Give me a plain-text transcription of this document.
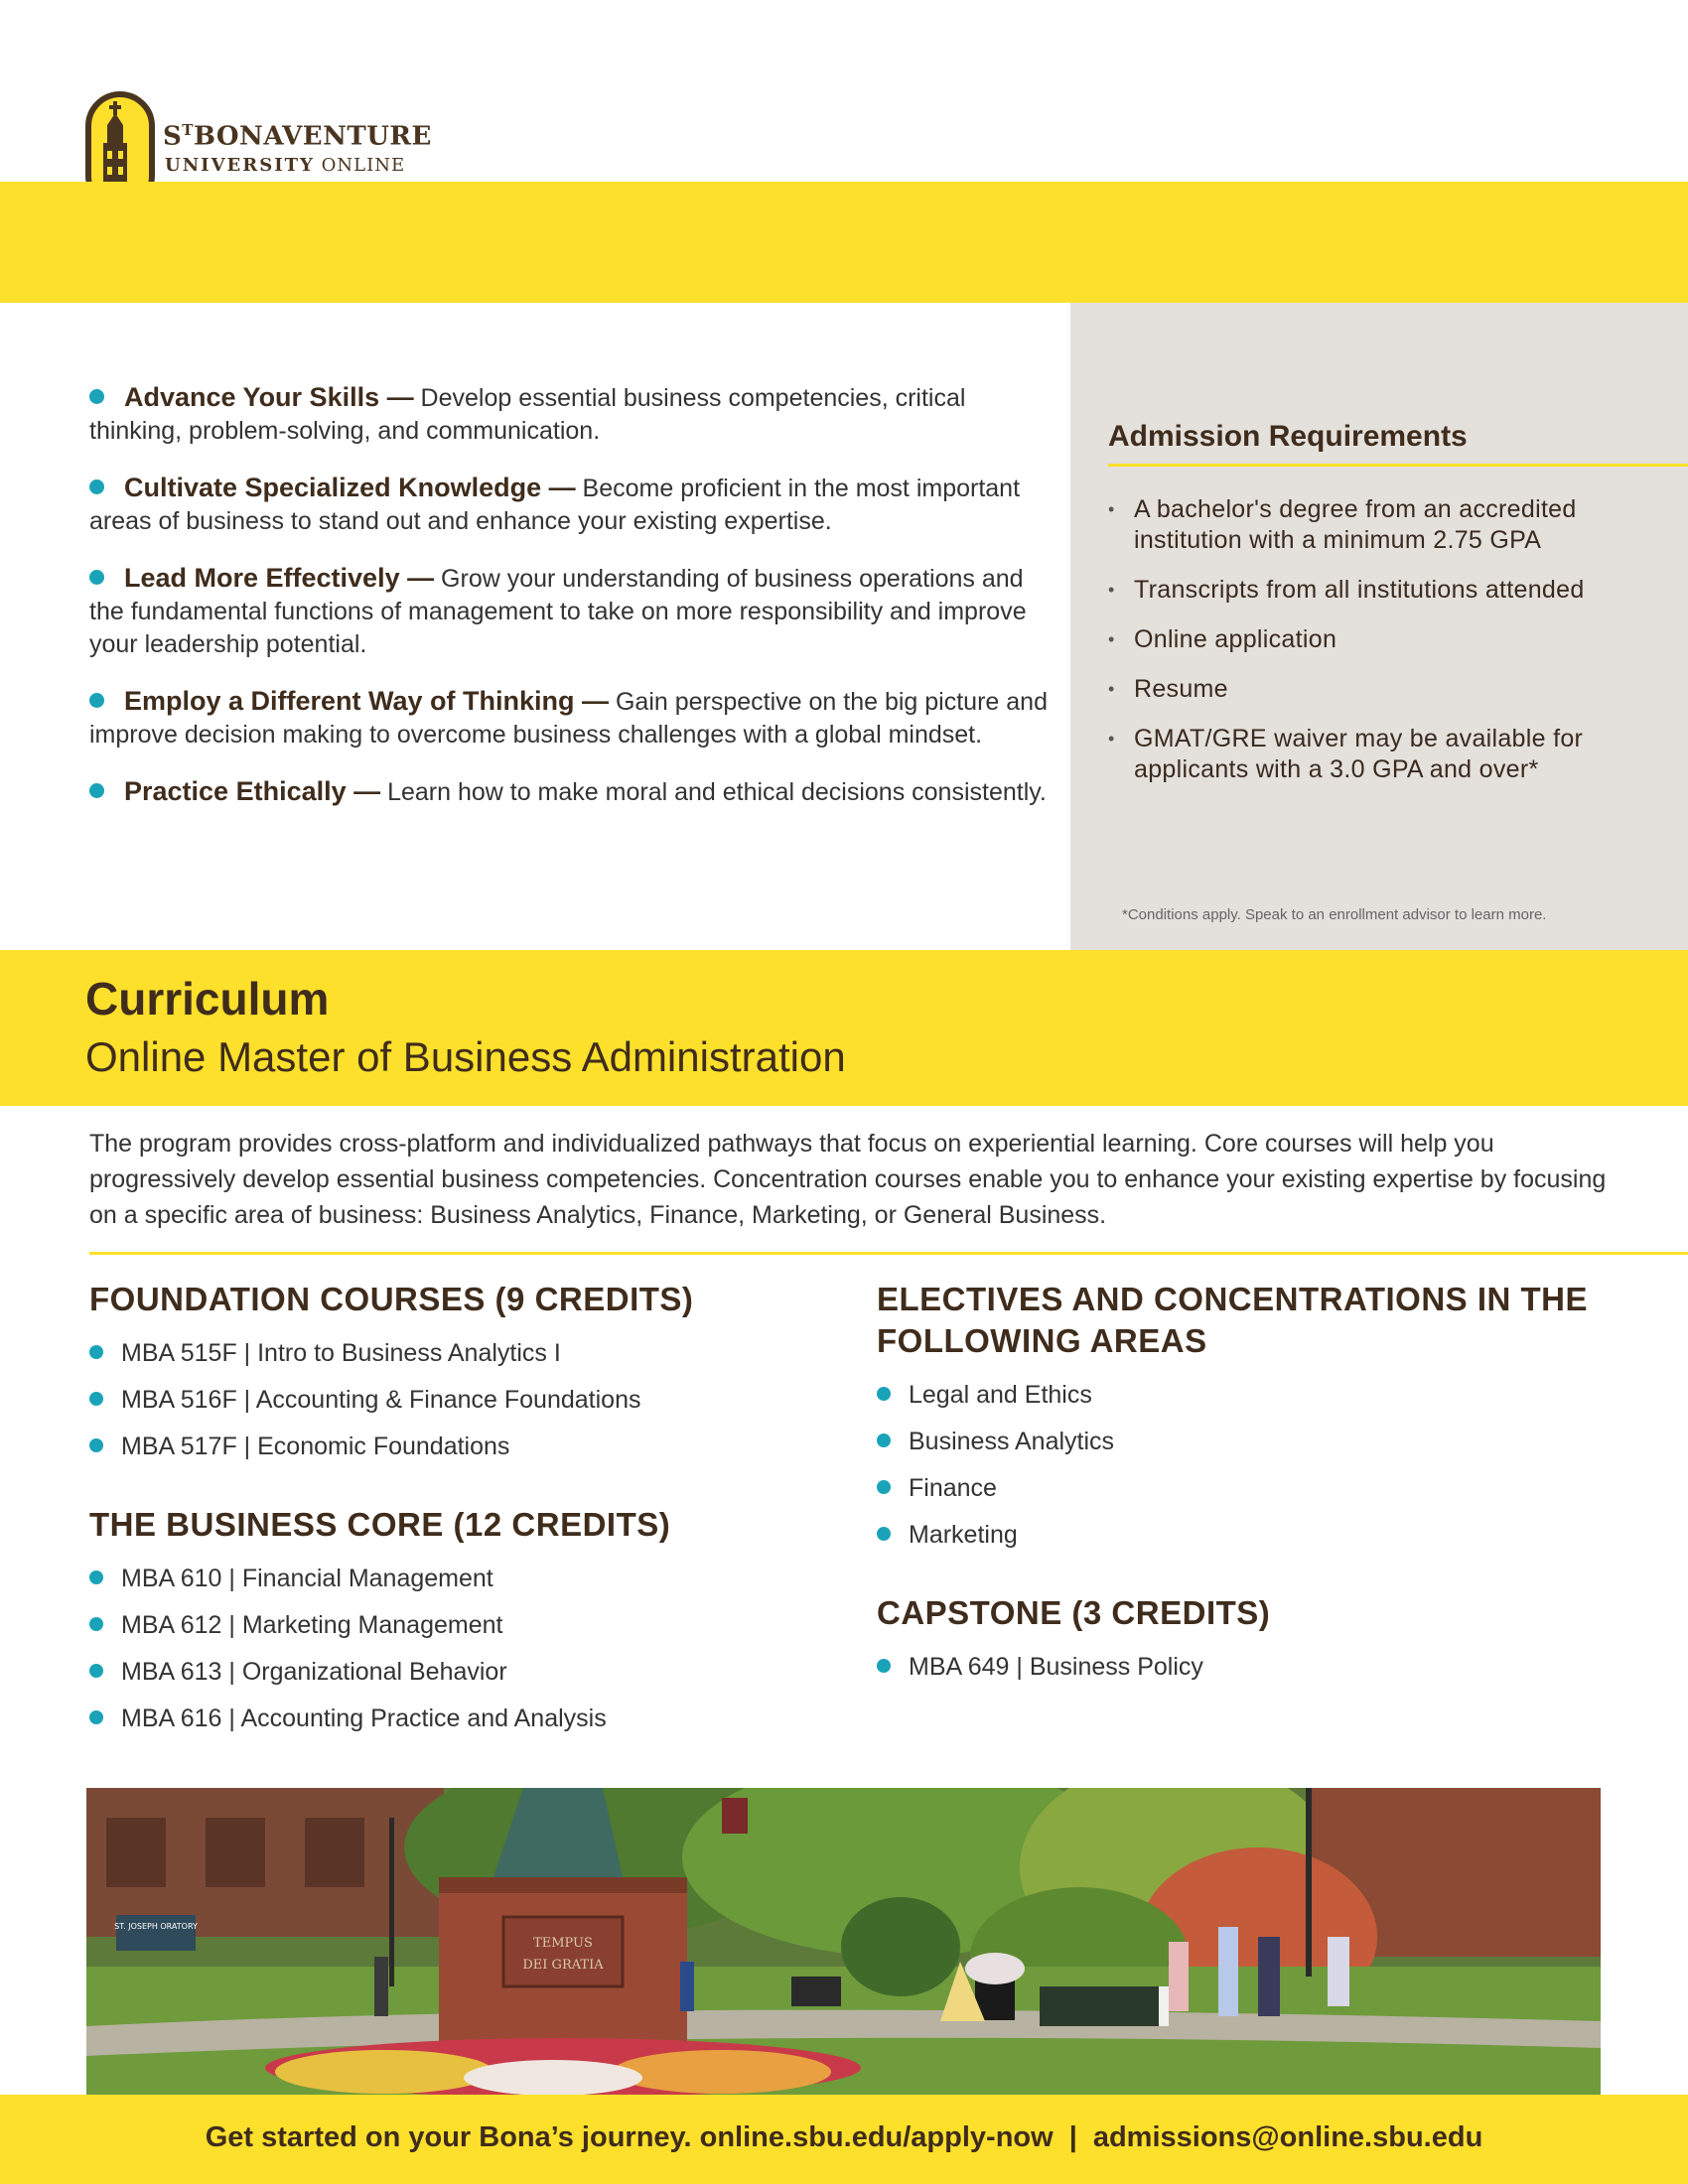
$S^TBONAVENTURE$
UNIVERSITY ONLINE
Advance Your Skills — Develop essential business competencies, critical thinking, problem-solving, and communication.
Cultivate Specialized Knowledge — Become proficient in the most important areas of business to stand out and enhance your existing expertise.
Lead More Effectively — Grow your understanding of business operations and the fundamental functions of management to take on more responsibility and improve your leadership potential.
Employ a Different Way of Thinking — Gain perspective on the big picture and improve decision making to overcome business challenges with a global mindset.
Practice Ethically — Learn how to make moral and ethical decisions consistently.
Admission Requirements
• A bachelor's degree from an accredited institution with a minimum 2.75 GPA
• Transcripts from all institutions attended
• Online application
• Resume
• GMAT/GRE waiver may be available for applicants with a 3.0 GPA and over*
*Conditions apply. Speak to an enrollment advisor to learn more.
Curriculum
Online Master of Business Administration
The program provides cross-platform and individualized pathways that focus on experiential learning. Core courses will help you progressively develop essential business competencies. Concentration courses enable you to enhance your existing expertise by focusing on a specific area of business: Business Analytics, Finance, Marketing, or General Business.
FOUNDATION COURSES (9 CREDITS)
MBA 515F | Intro to Business Analytics I
MBA 516F | Accounting & Finance Foundations
MBA 517F | Economic Foundations
THE BUSINESS CORE (12 CREDITS)
MBA 610 | Financial Management
MBA 612 | Marketing Management
MBA 613 | Organizational Behavior
MBA 616 | Accounting Practice and Analysis
ELECTIVES AND CONCENTRATIONS IN THE FOLLOWING AREAS
Legal and Ethics
Business Analytics
Finance
Marketing
CAPSTONE (3 CREDITS)
MBA 649 | Business Policy
TEMPUS
DEI GRATIA
ST. JOSEPH ORATORY
Get started on your Bona’s journey. online.sbu.edu/apply-now | admissions@online.sbu.edu
